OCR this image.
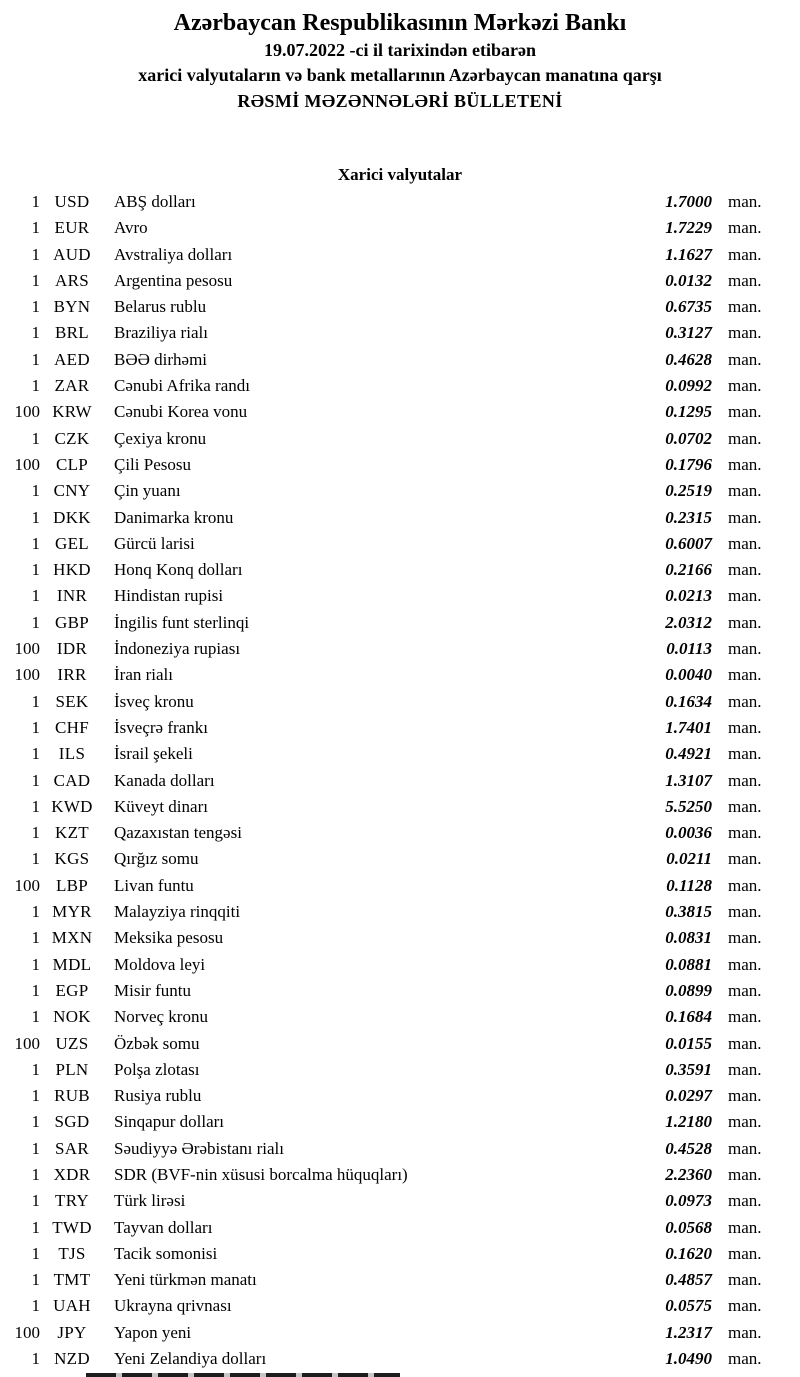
Azərbaycan Respublikasının Mərkəzi Bankı
19.07.2022 -ci il tarixindən etibarən
xarici valyutaların və bank metallarının Azərbaycan manatına qarşı
RƏSMİ MƏZƏNNƏLƏRİ BÜLLETENİ
Xarici valyutalar
1 USD	ABŞ dolları	1.7000 man.
1 EUR	Avro	1.7229 man.
1 AUD	Avstraliya dolları	1.1627 man.
1 ARS	Argentina pesosu	0.0132 man.
1 BYN	Belarus rublu	0.6735 man.
1 BRL	Braziliya rialı	0.3127 man.
1 AED	BƏƏ dirhəmi	0.4628 man.
1 ZAR	Cənubi Afrika randı	0.0992 man.
100 KRW	Cənubi Korea vonu	0.1295 man.
1 CZK	Çexiya kronu	0.0702 man.
100 CLP	Çili Pesosu	0.1796 man.
1 CNY	Çin yuanı	0.2519 man.
1 DKK	Danimarka kronu	0.2315 man.
1 GEL	Gürcü larisi	0.6007 man.
1 HKD	Honq Konq dolları	0.2166 man.
1 INR	Hindistan rupisi	0.0213 man.
1 GBP	İngilis funt sterlinqi	2.0312 man.
100 IDR	İndoneziya rupiası	0.0113 man.
100	IRR	İran rialı	0.0040 man.
1 SEK	İsveç kronu	0.1634 man.
1 CHF	İsveçrə frankı	1.7401 man.
1	ILS	İsrail şekeli	0.4921 man.
1 CAD	Kanada dolları	1.3107 man.
1 KWD	Küveyt dinarı	5.5250 man.
1 KZT	Qazaxıstan tengəsi	0.0036 man.
1 KGS	Qırğız somu	0.0211 man.
100 LBP	Livan funtu	0.1128 man.
1 MYR	Malayziya rinqqiti	0.3815 man.
1 MXN	Meksika pesosu	0.0831 man.
1 MDL	Moldova leyi	0.0881 man.
1 EGP	Misir funtu	0.0899 man.
1 NOK	Norveç kronu	0.1684 man.
100 UZS	Özbək somu	0.0155 man.
1 PLN	Polşa zlotası	0.3591 man.
1 RUB	Rusiya rublu	0.0297 man.
1 SGD	Sinqapur dolları	1.2180 man.
1 SAR	Səudiyyə Ərəbistanı rialı	0.4528 man.
1 XDR	SDR (BVF-nin xüsusi borcalma hüquqları)	2.2360 man.
1 TRY	Türk lirəsi	0.0973 man.
1 TWD	Tayvan dolları	0.0568 man.
1	TJS	Tacik somonisi	0.1620 man.
1 TMT	Yeni türkmən manatı	0.4857 man.
1 UAH	Ukrayna qrivnası	0.0575 man.
100	JPY	Yapon yeni	1.2317 man.
1 NZD	Yeni Zelandiya dolları	1.0490 man.
